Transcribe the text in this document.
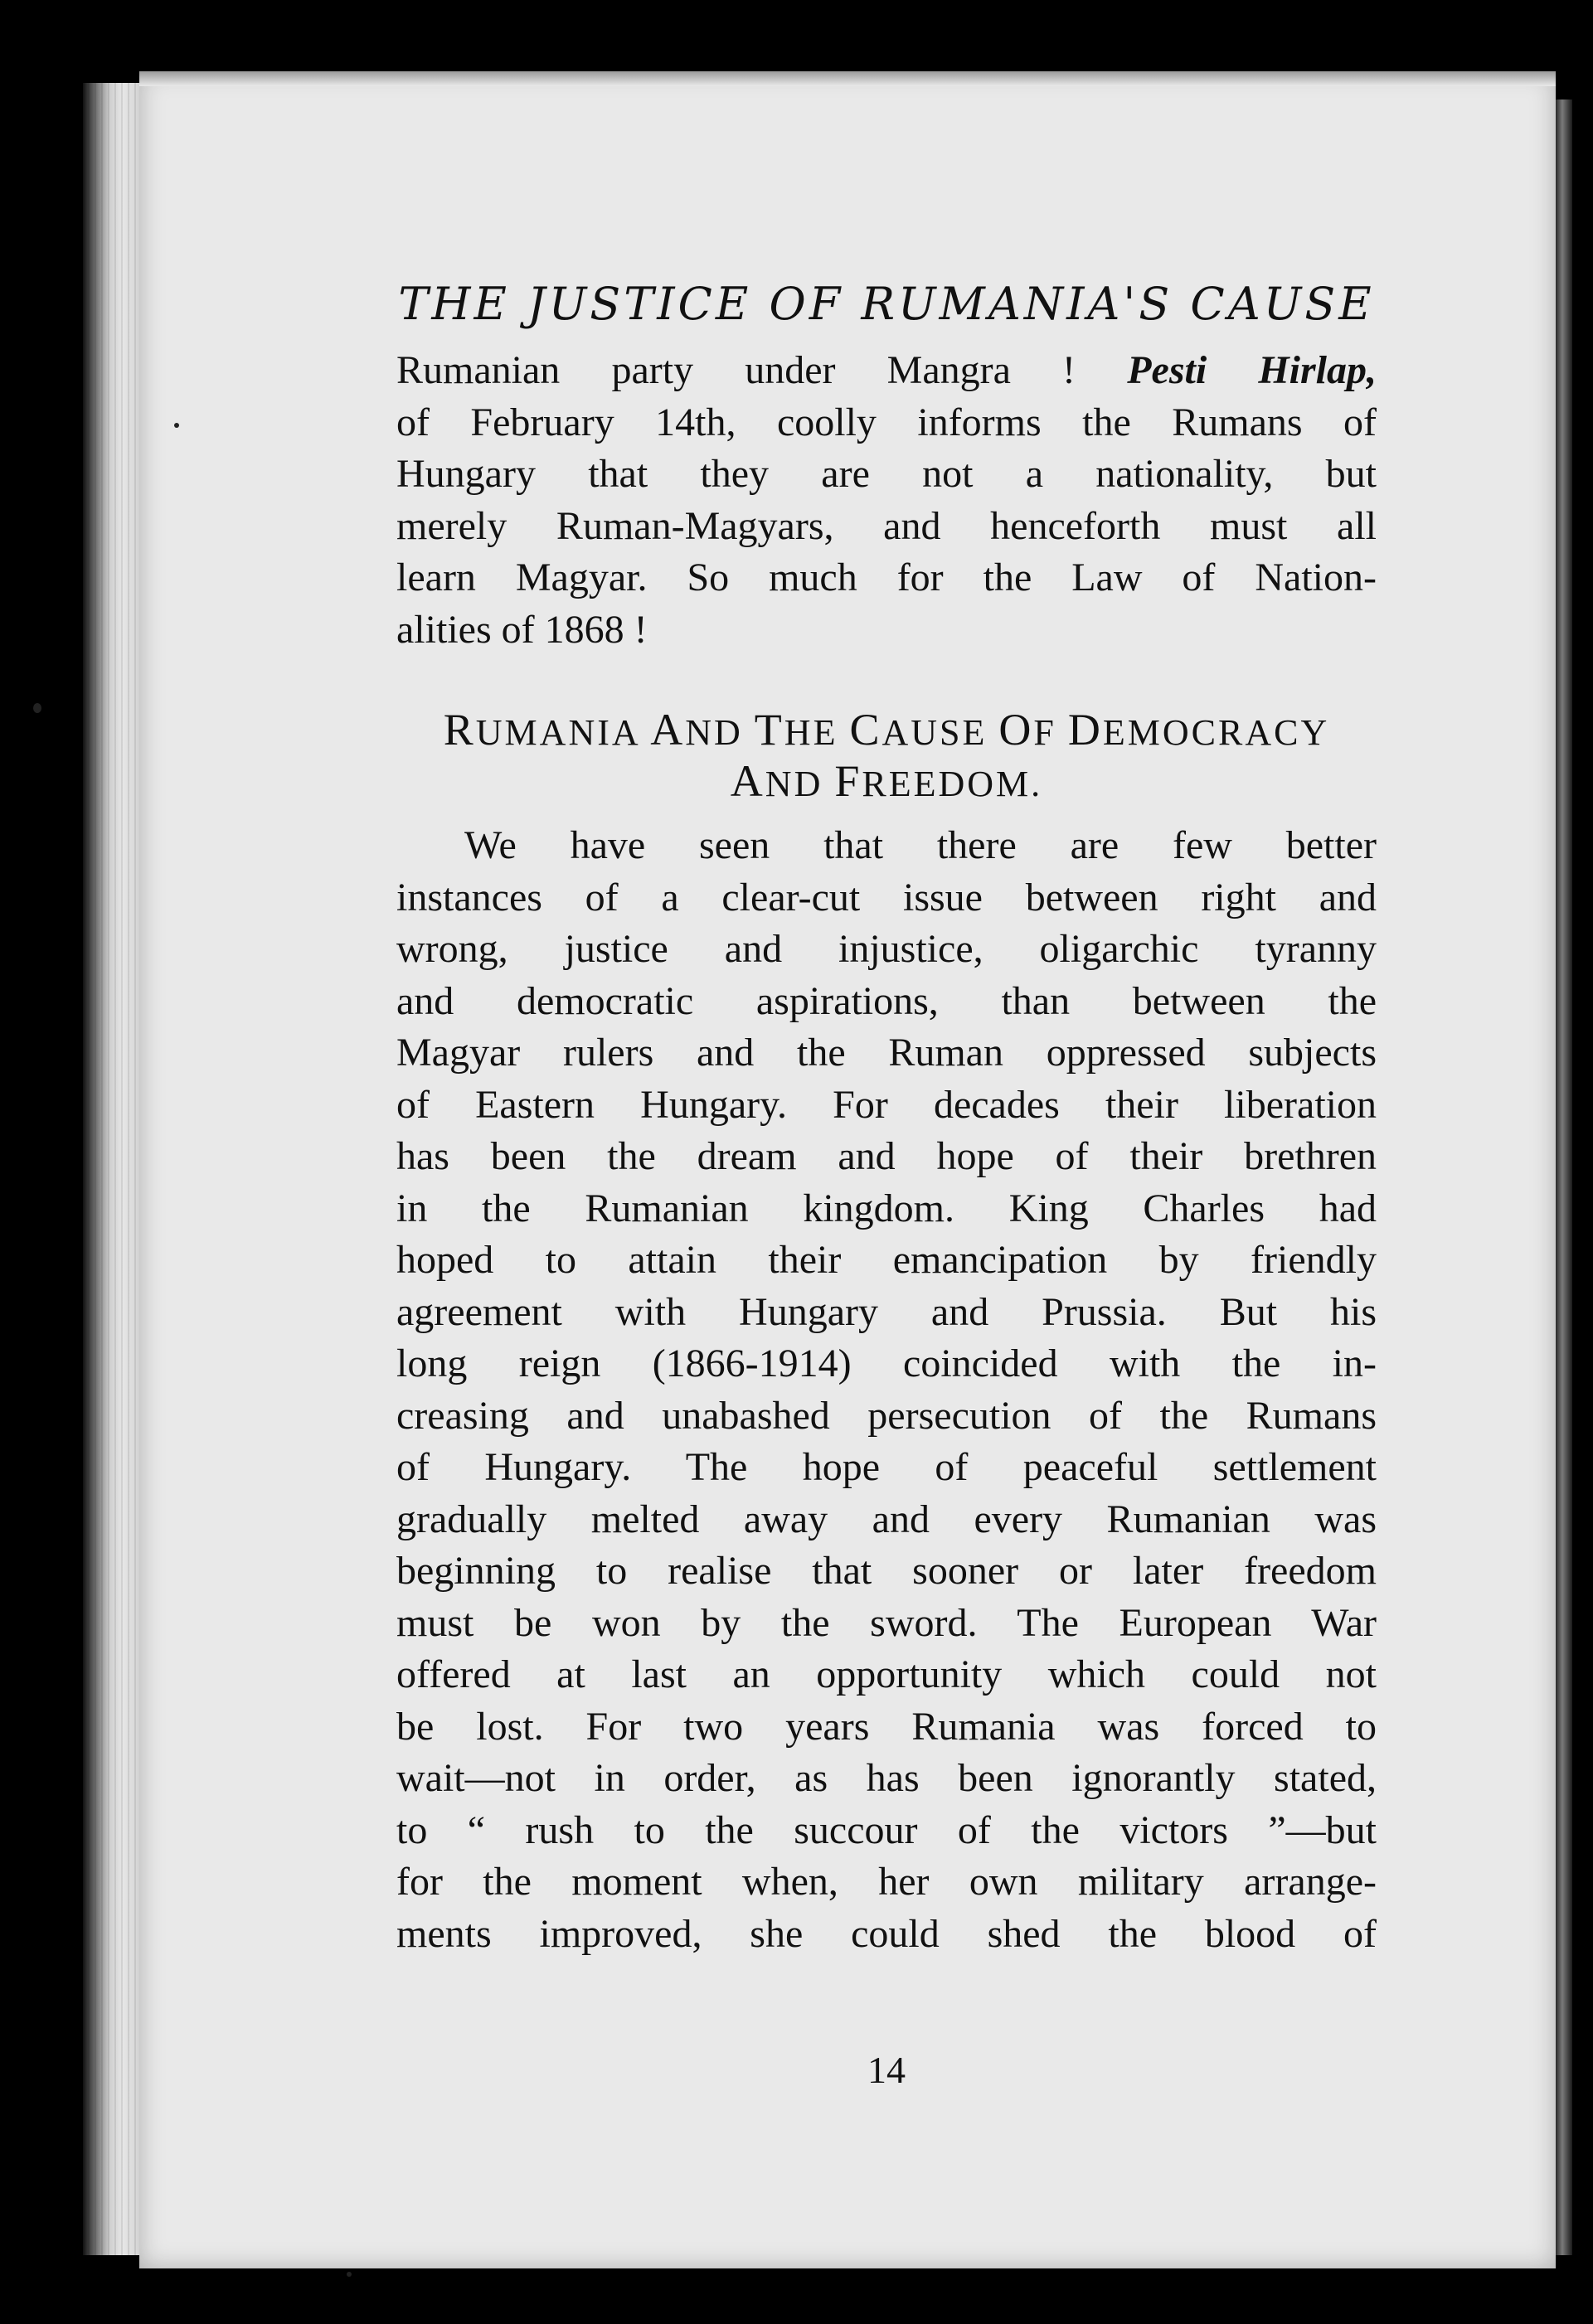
THE JUSTICE OF RUMANIA'S CAUSE
Rumanian party under Mangra ! Pesti Hirlap,
of February 14th, coolly informs the Rumans of
Hungary that they are not a nationality, but
merely Ruman-Magyars, and henceforth must all
learn Magyar. So much for the Law of Nation-
alities of 1868 !
RUMANIA AND THE CAUSE OF DEMOCRACY
AND FREEDOM.
We have seen that there are few better
instances of a clear-cut issue between right and
wrong, justice and injustice, oligarchic tyranny
and democratic aspirations, than between the
Magyar rulers and the Ruman oppressed subjects
of Eastern Hungary. For decades their liberation
has been the dream and hope of their brethren
in the Rumanian kingdom. King Charles had
hoped to attain their emancipation by friendly
agreement with Hungary and Prussia. But his
long reign (1866-1914) coincided with the in-
creasing and unabashed persecution of the Rumans
of Hungary. The hope of peaceful settlement
gradually melted away and every Rumanian was
beginning to realise that sooner or later freedom
must be won by the sword. The European War
offered at last an opportunity which could not
be lost. For two years Rumania was forced to
wait—not in order, as has been ignorantly stated,
to “ rush to the succour of the victors ”—but
for the moment when, her own military arrange-
ments improved, she could shed the blood of
14
